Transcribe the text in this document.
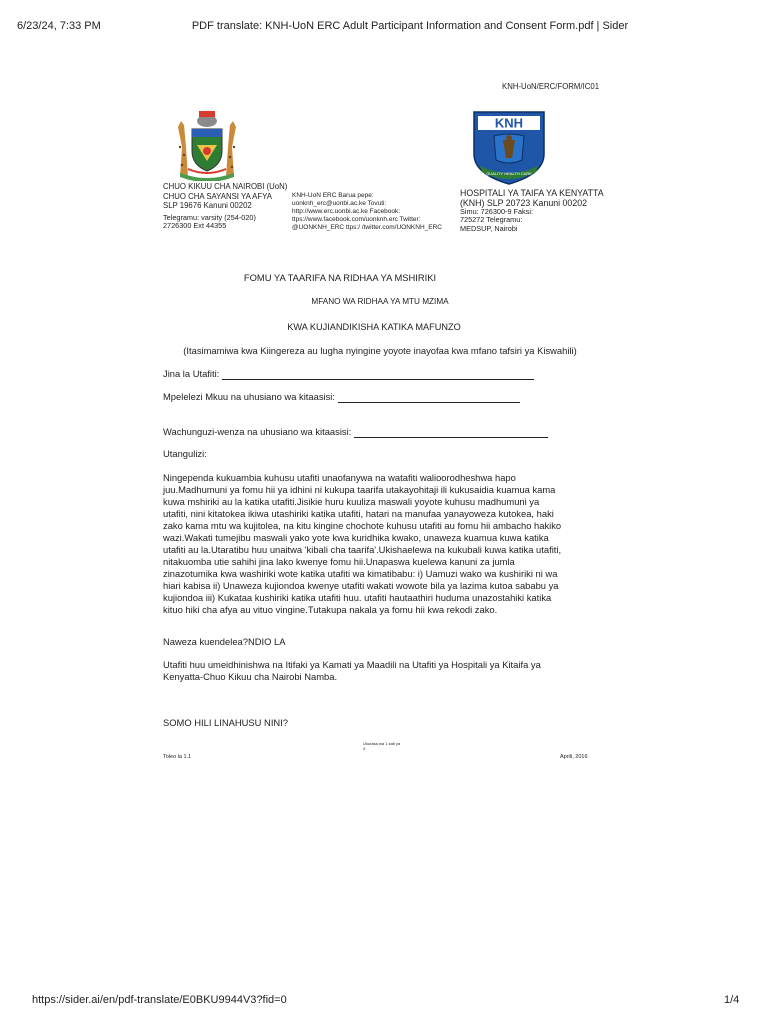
6/23/24, 7:33 PM	PDF translate: KNH-UoN ERC Adult Participant Information and Consent Form.pdf | Sider
KNH-UoN/ERC/FORM/IC01
CHUO KIKUU CHA NAIROBI (UoN)
CHUO CHA SAYANSI YA AFYA
SLP 19676 Kanuni 00202
Telegramu: varsity (254-020)
2726300 Ext 44355
KNH-UoN ERC Barua pepe:
uonknh_erc@uonbi.ac.ke Tovuti:
http://www.erc.uonbi.ac.ke Facebook:
ttps://www.facebook.com/uonknh.erc Twitter:
@UONKNH_ERC ttps:/ /twitter.com/UONKNH_ERC
KNH
QUALITY HEALTH CARE
HOSPITALI YA TAIFA YA KENYATTA
(KNH) SLP 20723 Kanuni 00202
Simu: 726300-9 Faksi:
725272 Telegramu:
MEDSUP, Nairobi
FOMU YA TAARIFA NA RIDHAA YA MSHIRIKI
MFANO WA RIDHAA YA MTU MZIMA
KWA KUJIANDIKISHA KATIKA MAFUNZO
(Itasimamiwa kwa Kiingereza au lugha nyingine yoyote inayofaa kwa mfano tafsiri ya Kiswahili)
Jina la Utafiti:
Mpelelezi Mkuu na uhusiano wa kitaasisi:
Wachunguzi-wenza na uhusiano wa kitaasisi:
Utangulizi:
Ningependa kukuambia kuhusu utafiti unaofanywa na watafiti walioorodheshwa hapo
juu.Madhumuni ya fomu hii ya idhini ni kukupa taarifa utakayohitaji ili kukusaidia kuamua kama
kuwa mshiriki au la katika utafiti.Jisikie huru kuuliza maswali yoyote kuhusu madhumuni ya
utafiti, nini kitatokea ikiwa utashiriki katika utafiti, hatari na manufaa yanayoweza kutokea, haki
zako kama mtu wa kujitolea, na kitu kingine chochote kuhusu utafiti au fomu hii ambacho hakiko
wazi.Wakati tumejibu maswali yako yote kwa kuridhika kwako, unaweza kuamua kuwa katika
utafiti au la.Utaratibu huu unaitwa 'kibali cha taarifa'.Ukishaelewa na kukubali kuwa katika utafiti,
nitakuomba utie sahihi jina lako kwenye fomu hii.Unapaswa kuelewa kanuni za jumla
zinazotumika kwa washiriki wote katika utafiti wa kimatibabu: i) Uamuzi wako wa kushiriki ni wa
hiari kabisa ii) Unaweza kujiondoa kwenye utafiti wakati wowote bila ya lazima kutoa sababu ya
kujiondoa iii) Kukataa kushiriki katika utafiti huu. utafiti hautaathiri huduma unazostahiki katika
kituo hiki cha afya au vituo vingine.Tutakupa nakala ya fomu hii kwa rekodi zako.
Naweza kuendelea?NDIO LA
Utafiti huu umeidhinishwa na Itifaki ya Kamati ya Maadili na Utafiti ya Hospitali ya Kitaifa ya
Kenyatta-Chuo Kikuu cha Nairobi Namba.
SOMO HILI LINAHUSU NINI?
Toleo la 1.1
Ukurasa wa 1 kati ya
4
Aprili, 2016
https://sider.ai/en/pdf-translate/E0BKU9944V3?fid=0	1/4
